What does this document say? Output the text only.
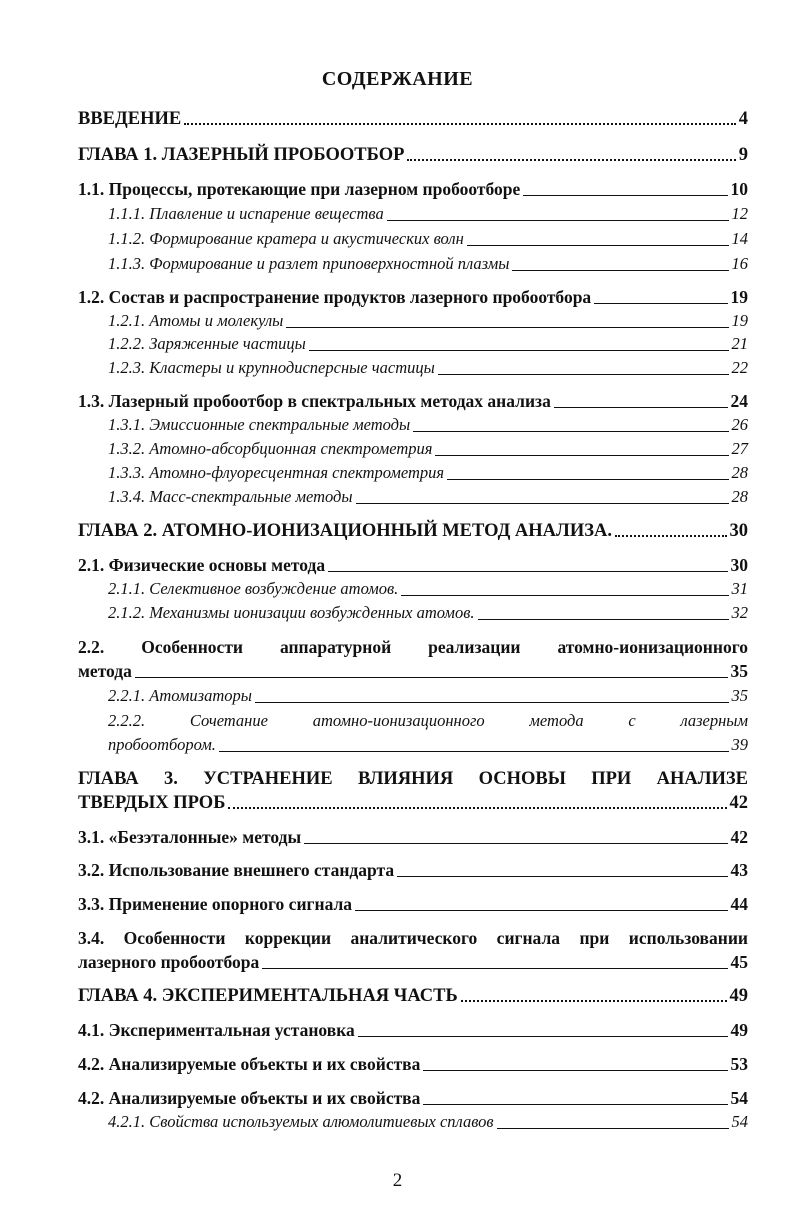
СОДЕРЖАНИЕ
ВВЕДЕНИЕ	4
ГЛАВА 1. ЛАЗЕРНЫЙ ПРОБООТБОР	9
1.1. Процессы, протекающие при лазерном пробоотборе	10
1.1.1. Плавление и испарение вещества	12
1.1.2. Формирование кратера и акустических волн	14
1.1.3. Формирование и разлет приповерхностной плазмы	16
1.2. Состав и распространение продуктов лазерного пробоотбора	19
1.2.1. Атомы и молекулы	19
1.2.2. Заряженные частицы	21
1.2.3. Кластеры и крупнодисперсные частицы	22
1.3. Лазерный пробоотбор в спектральных методах анализа	24
1.3.1. Эмиссионные спектральные методы	26
1.3.2. Атомно-абсорбционная спектрометрия	27
1.3.3. Атомно-флуоресцентная спектрометрия	28
1.3.4. Масс-спектральные методы	28
ГЛАВА 2. АТОМНО-ИОНИЗАЦИОННЫЙ МЕТОД АНАЛИЗА.	30
2.1. Физические основы метода	30
2.1.1. Селективное возбуждение атомов.	31
2.1.2. Механизмы ионизации возбужденных атомов.	32
2.2. Особенности аппаратурной реализации атомно-ионизационного
метода	35
2.2.1. Атомизаторы	35
2.2.2. Сочетание атомно-ионизационного метода с лазерным
пробоотбором.	39
ГЛАВА 3. УСТРАНЕНИЕ ВЛИЯНИЯ ОСНОВЫ ПРИ АНАЛИЗЕ
ТВЕРДЫХ ПРОБ	42
3.1. «Безэталонные» методы	42
3.2. Использование внешнего стандарта	43
3.3. Применение опорного сигнала	44
3.4. Особенности коррекции аналитического сигнала при использовании
лазерного пробоотбора	45
ГЛАВА 4. ЭКСПЕРИМЕНТАЛЬНАЯ ЧАСТЬ	49
4.1. Экспериментальная установка	49
4.2. Анализируемые объекты и их свойства	53
4.2. Анализируемые объекты и их свойства	54
4.2.1. Свойства используемых алюмолитиевых сплавов	54
2
